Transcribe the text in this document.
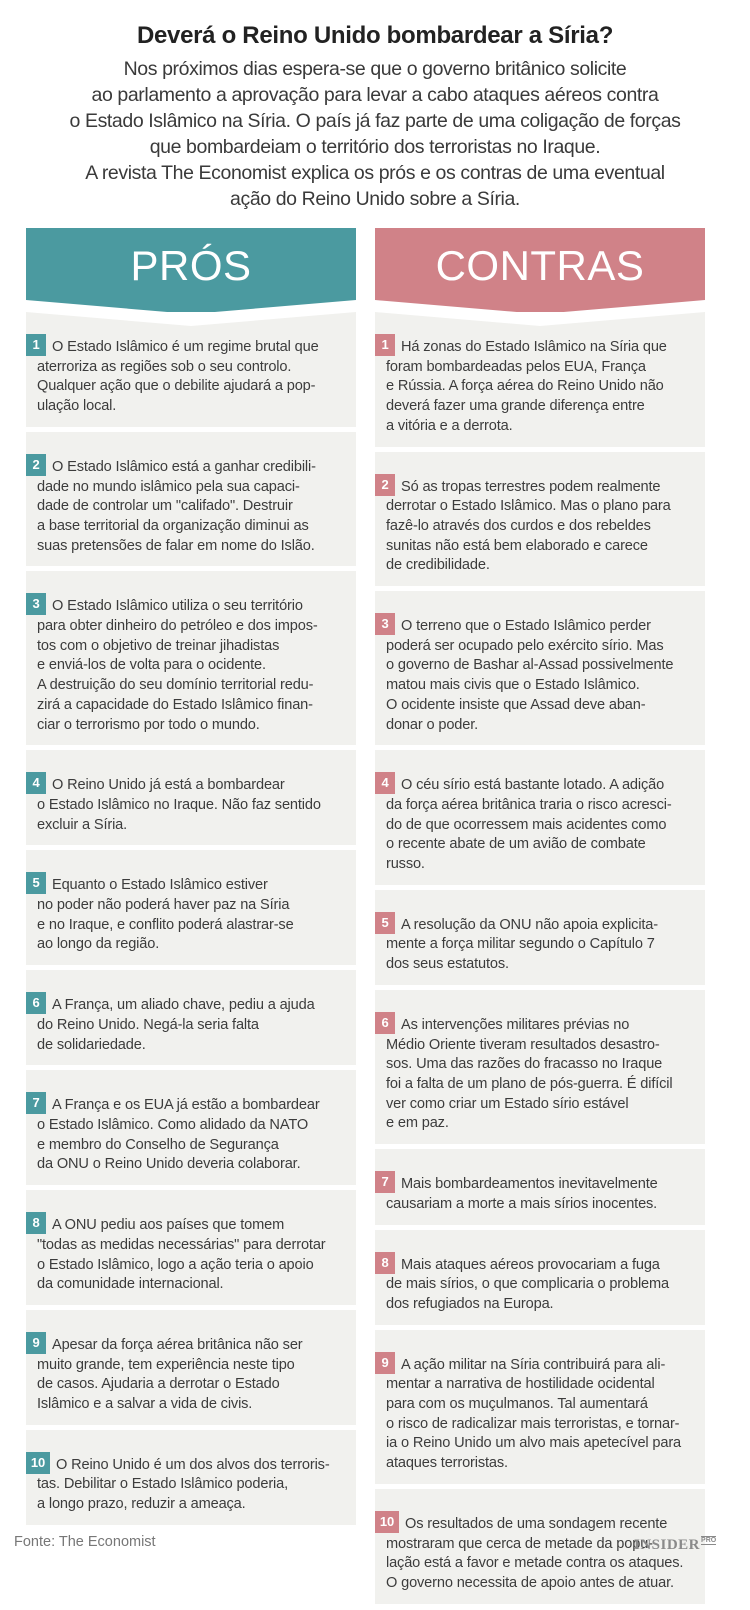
Deverá o Reino Unido bombardear a Síria?
Nos próximos dias espera-se que o governo britânico solicite
ao parlamento a aprovação para levar a cabo ataques aéreos contra
o Estado Islâmico na Síria. O país já faz parte de uma coligação de forças
que bombardeiam o território dos terroristas no Iraque.
A revista The Economist explica os prós e os contras de uma eventual
ação do Reino Unido sobre a Síria.
PRÓS
1 O Estado Islâmico é um regime brutal que
aterroriza as regiões sob o seu controlo.
Qualquer ação que o debilite ajudará a pop-
ulação local.
2 O Estado Islâmico está a ganhar credibili-
dade no mundo islâmico pela sua capaci-
dade de controlar um "califado". Destruir
a base territorial da organização diminui as
suas pretensões de falar em nome do Islão.
3 O Estado Islâmico utiliza o seu território
para obter dinheiro do petróleo e dos impos-
tos com o objetivo de treinar jihadistas
e enviá-los de volta para o ocidente.
A destruição do seu domínio territorial redu-
zirá a capacidade do Estado Islâmico finan-
ciar o terrorismo por todo o mundo.
4 O Reino Unido já está a bombardear
o Estado Islâmico no Iraque. Não faz sentido
excluir a Síria.
5 Equanto o Estado Islâmico estiver
no poder não poderá haver paz na Síria
e no Iraque, e conflito poderá alastrar-se
ao longo da região.
6 A França, um aliado chave, pediu a ajuda
do Reino Unido. Negá-la seria falta
de solidariedade.
7 A França e os EUA já estão a bombardear
o Estado Islâmico. Como alidado da NATO
e membro do Conselho de Segurança
da ONU o Reino Unido deveria colaborar.
8 A ONU pediu aos países que tomem
"todas as medidas necessárias" para derrotar
o Estado Islâmico, logo a ação teria o apoio
da comunidade internacional.
9 Apesar da força aérea britânica não ser
muito grande, tem experiência neste tipo
de casos. Ajudaria a derrotar o Estado
Islâmico e a salvar a vida de civis.
10 O Reino Unido é um dos alvos dos terroris-
tas. Debilitar o Estado Islâmico poderia,
a longo prazo, reduzir a ameaça.
CONTRAS
1 Há zonas do Estado Islâmico na Síria que
foram bombardeadas pelos EUA, França
e Rússia. A força aérea do Reino Unido não
deverá fazer uma grande diferença entre
a vitória e a derrota.
2 Só as tropas terrestres podem realmente
derrotar o Estado Islâmico. Mas o plano para
fazê-lo através dos curdos e dos rebeldes
sunitas não está bem elaborado e carece
de credibilidade.
3 O terreno que o Estado Islâmico perder
poderá ser ocupado pelo exército sírio. Mas
o governo de Bashar al-Assad possivelmente
matou mais civis que o Estado Islâmico.
O ocidente insiste que Assad deve aban-
donar o poder.
4 O céu sírio está bastante lotado. A adição
da força aérea britânica traria o risco acresci-
do de que ocorressem mais acidentes como
o recente abate de um avião de combate
russo.
5 A resolução da ONU não apoia explicita-
mente a força militar segundo o Capítulo 7
dos seus estatutos.
6 As intervenções militares prévias no
Médio Oriente tiveram resultados desastro-
sos. Uma das razões do fracasso no Iraque
foi a falta de um plano de pós-guerra. É difícil
ver como criar um Estado sírio estável
e em paz.
7 Mais bombardeamentos inevitavelmente
causariam a morte a mais sírios inocentes.
8 Mais ataques aéreos provocariam a fuga
de mais sírios, o que complicaria o problema
dos refugiados na Europa.
9 A ação militar na Síria contribuirá para ali-
mentar a narrativa de hostilidade ocidental
para com os muçulmanos. Tal aumentará
o risco de radicalizar mais terroristas, e tornar-
ia o Reino Unido um alvo mais apetecível para
ataques terroristas.
10 Os resultados de uma sondagem recente
mostraram que cerca de metade da popu-
lação está a favor e metade contra os ataques.
O governo necessita de apoio antes de atuar.
Fonte: The Economist	$INSIDER^{PRO}$
